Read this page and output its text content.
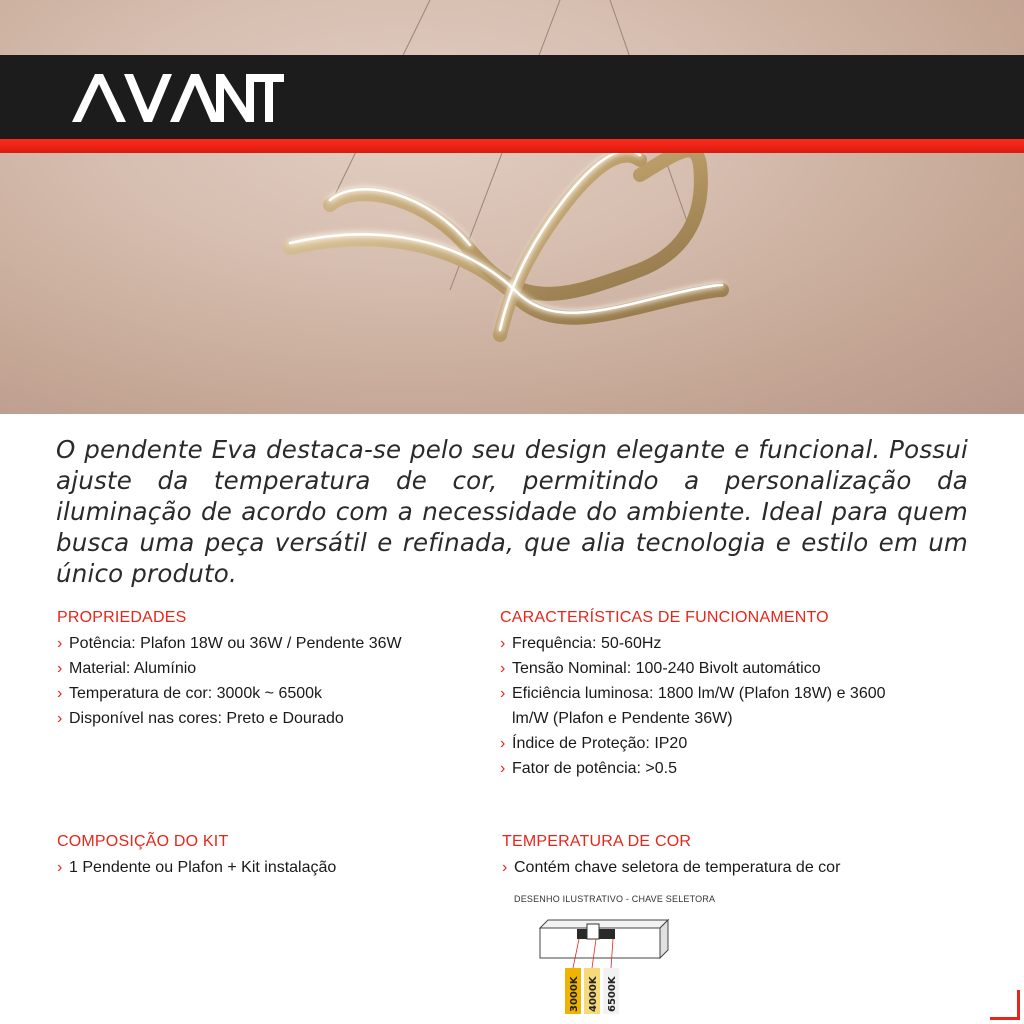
O pendente Eva destaca-se pelo seu design elegante e funcional. Possui ajuste da temperatura de cor, permitindo a personalização da iluminação de acordo com a necessidade do ambiente. Ideal para quem busca uma peça versátil e refinada, que alia tecnologia e estilo em um único produto.

PROPRIEDADES
› Potência: Plafon 18W ou 36W / Pendente 36W
› Material: Alumínio
› Temperatura de cor: 3000k ~ 6500k
› Disponível nas cores: Preto e Dourado
CARACTERÍSTICAS DE FUNCIONAMENTO
› Frequência: 50-60Hz
› Tensão Nominal: 100-240 Bivolt automático
› Eficiência luminosa: 1800 lm/W (Plafon 18W) e 3600 lm/W (Plafon e Pendente 36W)
› Índice de Proteção: IP20
› Fator de potência: >0.5
COMPOSIÇÃO DO KIT
› 1 Pendente ou Plafon + Kit instalação
TEMPERATURA DE COR
› Contém chave seletora de temperatura de cor
DESENHO ILUSTRATIVO - CHAVE SELETORA
3000K 4000K 6500K
